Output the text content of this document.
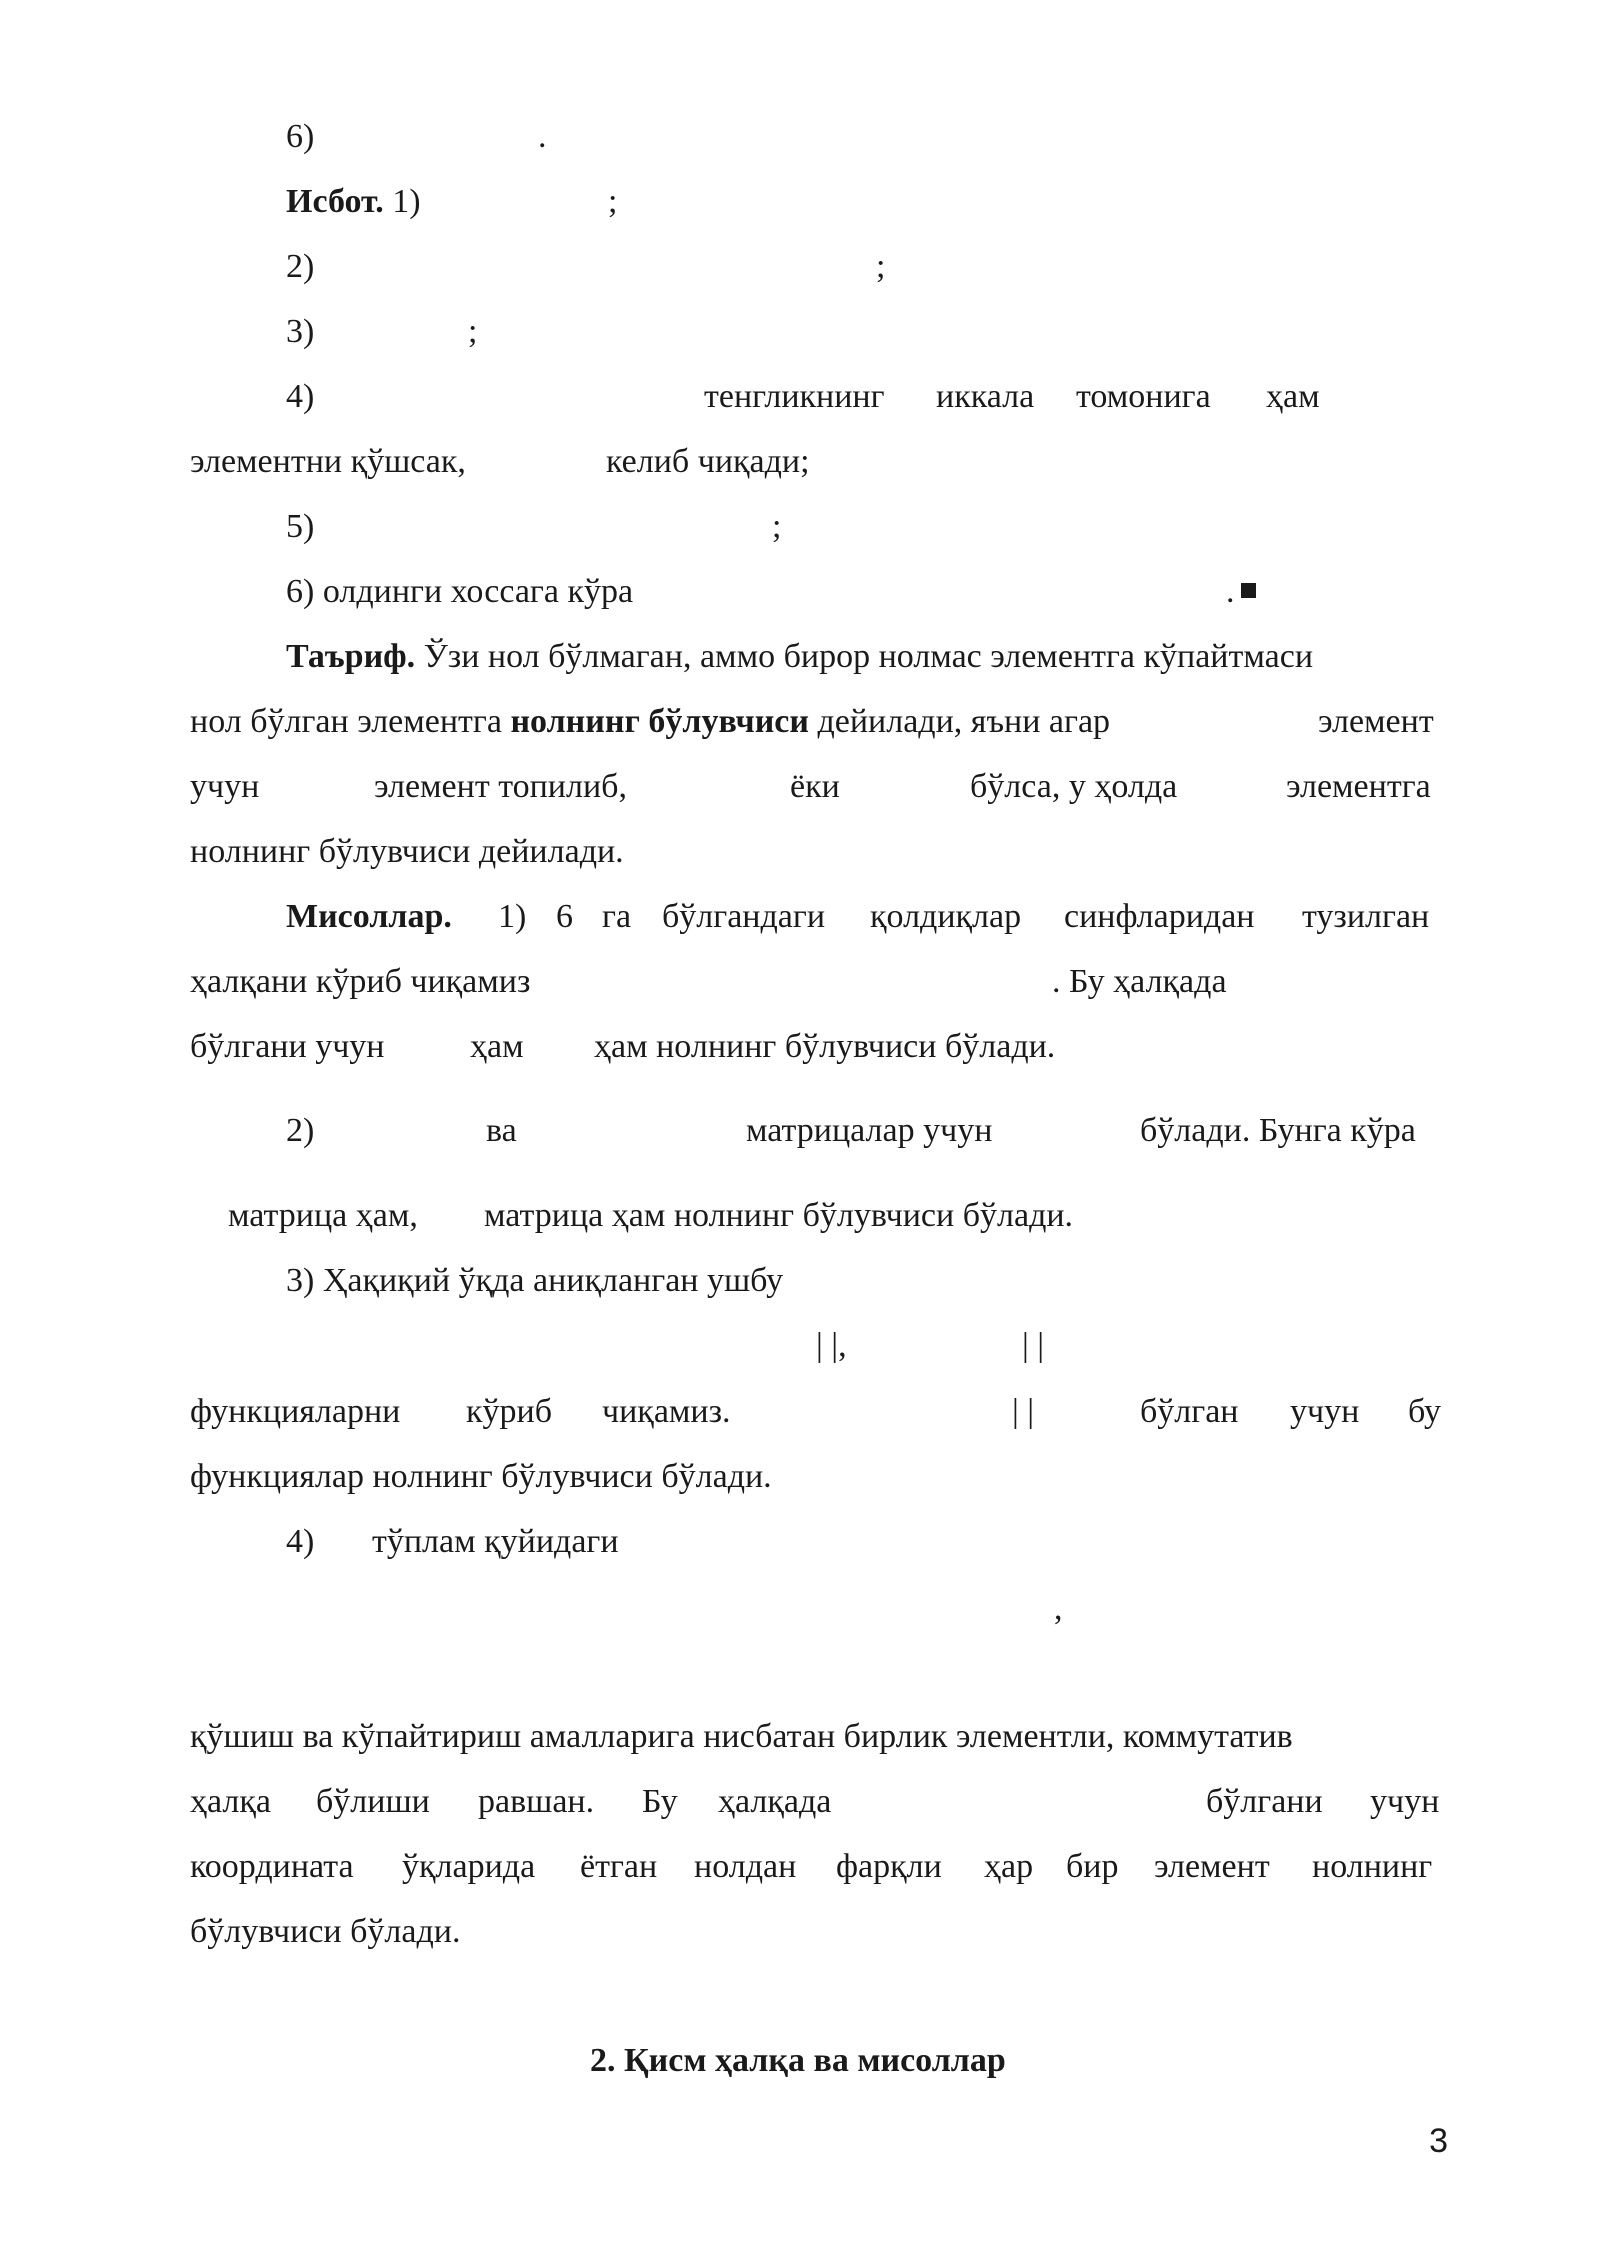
6)	.
Исбот. 1)	;
2)	;
3)	;
4)	тенгликнинг иккала томонига ҳам
элементни қўшсак,	келиб чиқади;
5)	;
6) олдинги хоссага кўра	.
Таъриф. Ўзи нол бўлмаган, аммо бирор нолмас элементга кўпайтмаси
нол бўлган элементга нолнинг бўлувчиси дейилади, яъни агар	элемент
учун	элемент топилиб,	ёки	бўлса, у ҳолда	элементга
нолнинг бўлувчиси дейилади.
Мисоллар. 1) 6 га бўлгандаги қолдиқлар синфларидан тузилган
ҳалқани кўриб чиқамиз	. Бу ҳалқада
бўлгани учун	ҳам ҳам нолнинг бўлувчиси бўлади.
2)	ва	матрицалар учун	бўлади. Бунга кўра
матрица ҳам, матрица ҳам нолнинг бўлувчиси бўлади.
3) Ҳақиқий ўқда аниқланган ушбу
| |,	| |
функцияларни кўриб чиқамиз.	| |	бўлган учун бу
функциялар нолнинг бўлувчиси бўлади.
4) тўплам қуйидаги
,
қўшиш ва кўпайтириш амалларига нисбатан бирлик элементли, коммутатив
ҳалқа бўлиши равшан. Бу ҳалқада	бўлгани учун
координата ўқларида ётган нолдан фарқли ҳар бир элемент нолнинг
бўлувчиси бўлади.
2. Қисм ҳалқа ва мисоллар
3
